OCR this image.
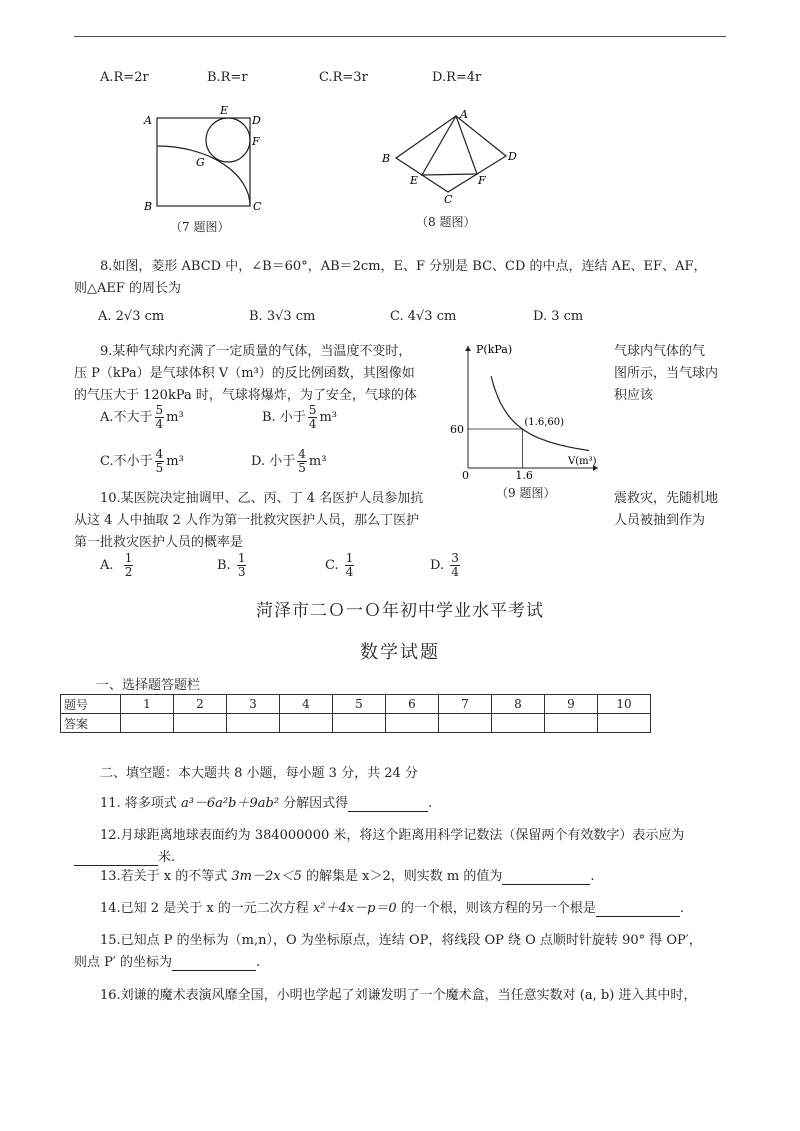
A.R=2r	B.R=r	C.R=3r	D.R=4r
A
B	C
D
E
F
G
（7 题图）
A
B
C
D
E	F
（8 题图）
8.如图，菱形 ABCD 中，∠B＝60°，AB＝2cm，E、F 分别是 BC、CD 的中点，连结 AE、EF、AF，
则△AEF 的周长为
A. 2√3 cm	B. 3√3 cm	C. 4√3 cm	D. 3 cm
9.某种气球内充满了一定质量的气体，当温度不变时，
压 P（kPa）是气球体积 V（m³）的反比例函数，其图像如
的气压大于 120kPa 时，气球将爆炸，为了安全，气球的体
气球内气体的气
图所示，当气球内
积应该
A.不大于 $\frac{5}{4} m^3$	B. 小于 $\frac{5}{4} m^3$
C.不小于 $\frac{4}{5} m^3$	D. 小于 $\frac{4}{5} m^3$
P(kPa)
V(m³)
(1.6,60)
60
1.6
0
（9 题图）
10.某医院决定抽调甲、乙、丙、丁 4 名医护人员参加抗
从这 4 人中抽取 2 人作为第一批救灾医护人员，那么丁医护
第一批救灾医护人员的概率是
震救灾，先随机地
人员被抽到作为
A. $\frac{1}{2}$	B. $\frac{1}{3}$	C. $\frac{1}{4}$	D. $\frac{3}{4}$
菏泽市二Ｏ一Ｏ年初中学业水平考试
数学试题
一、选择题答题栏
题号	1	2	3	4	5	6	7	8	9	10
答案										
二、填空题：本大题共 8 小题，每小题 3 分，共 24 分
11. 将多项式 a³－6a²b＋9ab² 分解因式得	.
12.月球距离地球表面约为 384000000 米，将这个距离用科学记数法（保留两个有效数字）表示应为
米.
13.若关于 x 的不等式 3m－2x＜5 的解集是 x＞2，则实数 m 的值为	.
14.已知 2 是关于 x 的一元二次方程 x²＋4x－p＝0 的一个根，则该方程的另一个根是	.
15.已知点 P 的坐标为（m,n），O 为坐标原点，连结 OP，将线段 OP 绕 O 点顺时针旋转 90° 得 OP′，
则点 P′ 的坐标为	.
16.刘谦的魔术表演风靡全国，小明也学起了刘谦发明了一个魔术盒，当任意实数对 (a, b) 进入其中时，
